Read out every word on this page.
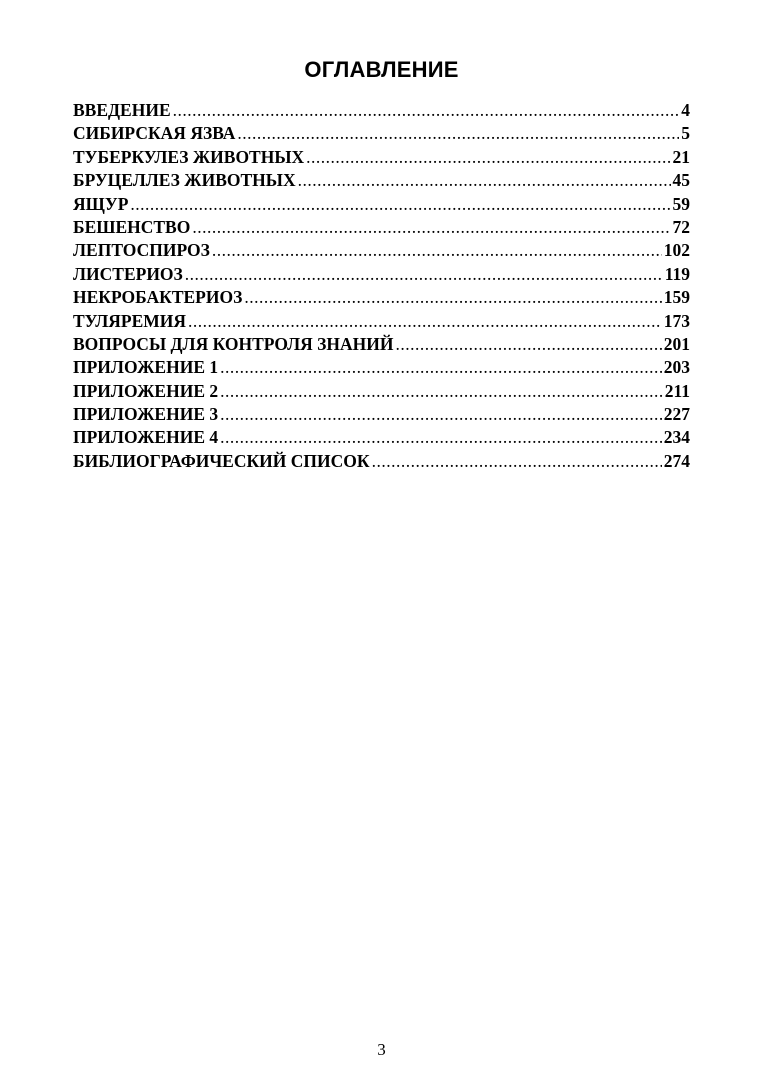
ОГЛАВЛЕНИЕ
ВВЕДЕНИЕ .....	4
СИБИРСКАЯ ЯЗВА .....	5
ТУБЕРКУЛЕЗ ЖИВОТНЫХ .....	21
БРУЦЕЛЛЕЗ ЖИВОТНЫХ .....	45
ЯЩУР .....	59
БЕШЕНСТВО .....	72
ЛЕПТОСПИРОЗ .....	102
ЛИСТЕРИОЗ .....	119
НЕКРОБАКТЕРИОЗ .....	159
ТУЛЯРЕМИЯ .....	173
ВОПРОСЫ ДЛЯ КОНТРОЛЯ ЗНАНИЙ .....	201
ПРИЛОЖЕНИЕ 1 .....	203
ПРИЛОЖЕНИЕ 2 .....	211
ПРИЛОЖЕНИЕ 3 .....	227
ПРИЛОЖЕНИЕ 4 .....	234
БИБЛИОГРАФИЧЕСКИЙ СПИСОК .....	274
3
